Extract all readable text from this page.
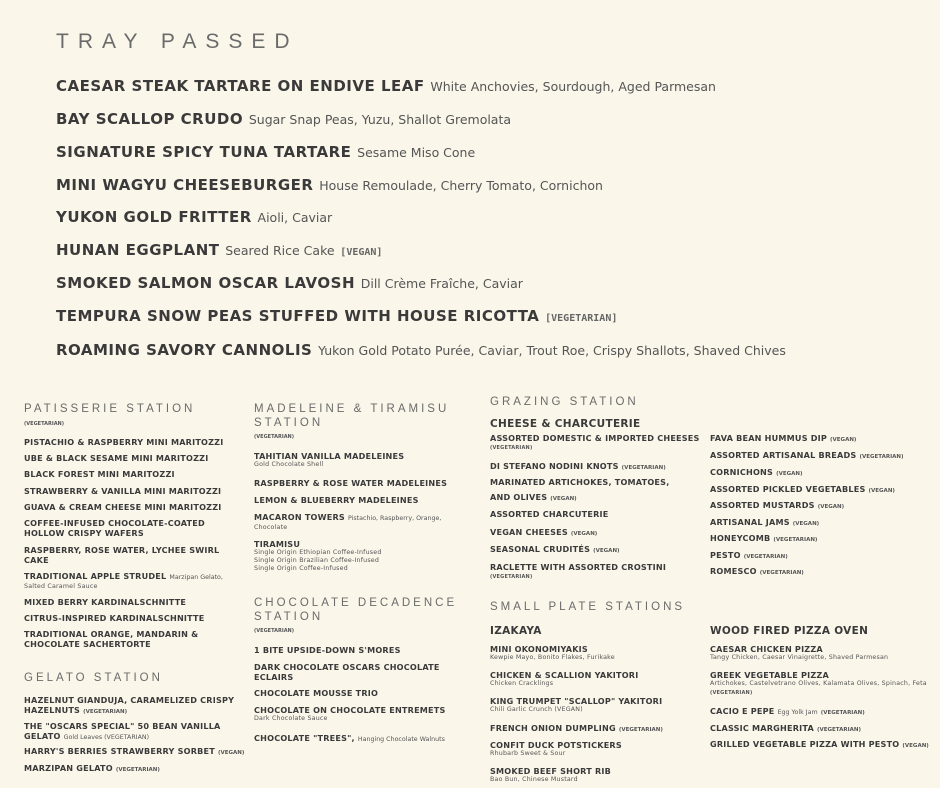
TRAY PASSED
CAESAR STEAK TARTARE ON ENDIVE LEAF White Anchovies, Sourdough, Aged Parmesan
BAY SCALLOP CRUDO Sugar Snap Peas, Yuzu, Shallot Gremolata
SIGNATURE SPICY TUNA TARTARE Sesame Miso Cone
MINI WAGYU CHEESEBURGER House Remoulade, Cherry Tomato, Cornichon
YUKON GOLD FRITTER Aioli, Caviar
HUNAN EGGPLANT Seared Rice Cake [VEGAN]
SMOKED SALMON OSCAR LAVOSH Dill Crème Fraîche, Caviar
TEMPURA SNOW PEAS STUFFED WITH HOUSE RICOTTA [VEGETARIAN]
ROAMING SAVORY CANNOLIS Yukon Gold Potato Purée, Caviar, Trout Roe, Crispy Shallots, Shaved Chives
PATISSERIE STATION
(VEGETARIAN)
PISTACHIO & RASPBERRY MINI MARITOZZI
UBE & BLACK SESAME MINI MARITOZZI
BLACK FOREST MINI MARITOZZI
STRAWBERRY & VANILLA MINI MARITOZZI
GUAVA & CREAM CHEESE MINI MARITOZZI
COFFEE-INFUSED CHOCOLATE-COATED
HOLLOW CRISPY WAFERS
RASPBERRY, ROSE WATER, LYCHEE SWIRL
CAKE
TRADITIONAL APPLE STRUDEL Marzipan Gelato,
Salted Caramel Sauce
MIXED BERRY KARDINALSCHNITTE
CITRUS-INSPIRED KARDINALSCHNITTE
TRADITIONAL ORANGE, MANDARIN &
CHOCOLATE SACHERTORTE
GELATO STATION
HAZELNUT GIANDUJA, CARAMELIZED CRISPY
HAZELNUTS (VEGETARIAN)
THE "OSCARS SPECIAL" 50 BEAN VANILLA
GELATO Gold Leaves (VEGETARIAN)
HARRY'S BERRIES STRAWBERRY SORBET (VEGAN)
MARZIPAN GELATO (VEGETARIAN)
MADELEINE & TIRAMISU
STATION
(VEGETARIAN)
TAHITIAN VANILLA MADELEINES
Gold Chocolate Shell
RASPBERRY & ROSE WATER MADELEINES
LEMON & BLUEBERRY MADELEINES
MACARON TOWERS Pistachio, Raspberry, Orange,
Chocolate
TIRAMISU
Single Origin Ethiopian Coffee-Infused
Single Origin Brazilian Coffee-Infused
Single Origin Coffee-Infused
CHOCOLATE DECADENCE
STATION
(VEGETARIAN)
1 BITE UPSIDE-DOWN S'MORES
DARK CHOCOLATE OSCARS CHOCOLATE
ECLAIRS
CHOCOLATE MOUSSE TRIO
CHOCOLATE ON CHOCOLATE ENTREMETS
Dark Chocolate Sauce
CHOCOLATE "TREES", Hanging Chocolate Walnuts
GRAZING STATION
CHEESE & CHARCUTERIE
ASSORTED DOMESTIC & IMPORTED CHEESES
(VEGETARIAN)
DI STEFANO NODINI KNOTS (VEGETARIAN)
MARINATED ARTICHOKES, TOMATOES,
AND OLIVES (VEGAN)
ASSORTED CHARCUTERIE
VEGAN CHEESES (VEGAN)
SEASONAL CRUDITÉS (VEGAN)
RACLETTE WITH ASSORTED CROSTINI
(VEGETARIAN)
FAVA BEAN HUMMUS DIP (VEGAN)
ASSORTED ARTISANAL BREADS (VEGETARIAN)
CORNICHONS (VEGAN)
ASSORTED PICKLED VEGETABLES (VEGAN)
ASSORTED MUSTARDS (VEGAN)
ARTISANAL JAMS (VEGAN)
HONEYCOMB (VEGETARIAN)
PESTO (VEGETARIAN)
ROMESCO (VEGETARIAN)
SMALL PLATE STATIONS
IZAKAYA
MINI OKONOMIYAKIS
Kewpie Mayo, Bonito Flakes, Furikake
CHICKEN & SCALLION YAKITORI
Chicken Cracklings
KING TRUMPET "SCALLOP" YAKITORI
Chili Garlic Crunch (VEGAN)
FRENCH ONION DUMPLING (VEGETARIAN)
CONFIT DUCK POTSTICKERS
Rhubarb Sweet & Sour
SMOKED BEEF SHORT RIB
Bao Bun, Chinese Mustard
WOOD FIRED PIZZA OVEN
CAESAR CHICKEN PIZZA
Tangy Chicken, Caesar Vinaigrette, Shaved Parmesan
GREEK VEGETABLE PIZZA
Artichokes, Castelvetrano Olives, Kalamata Olives, Spinach, Feta
(VEGETARIAN)
CACIO E PEPE Egg Yolk Jam (VEGETARIAN)
CLASSIC MARGHERITA (VEGETARIAN)
GRILLED VEGETABLE PIZZA WITH PESTO (VEGAN)
